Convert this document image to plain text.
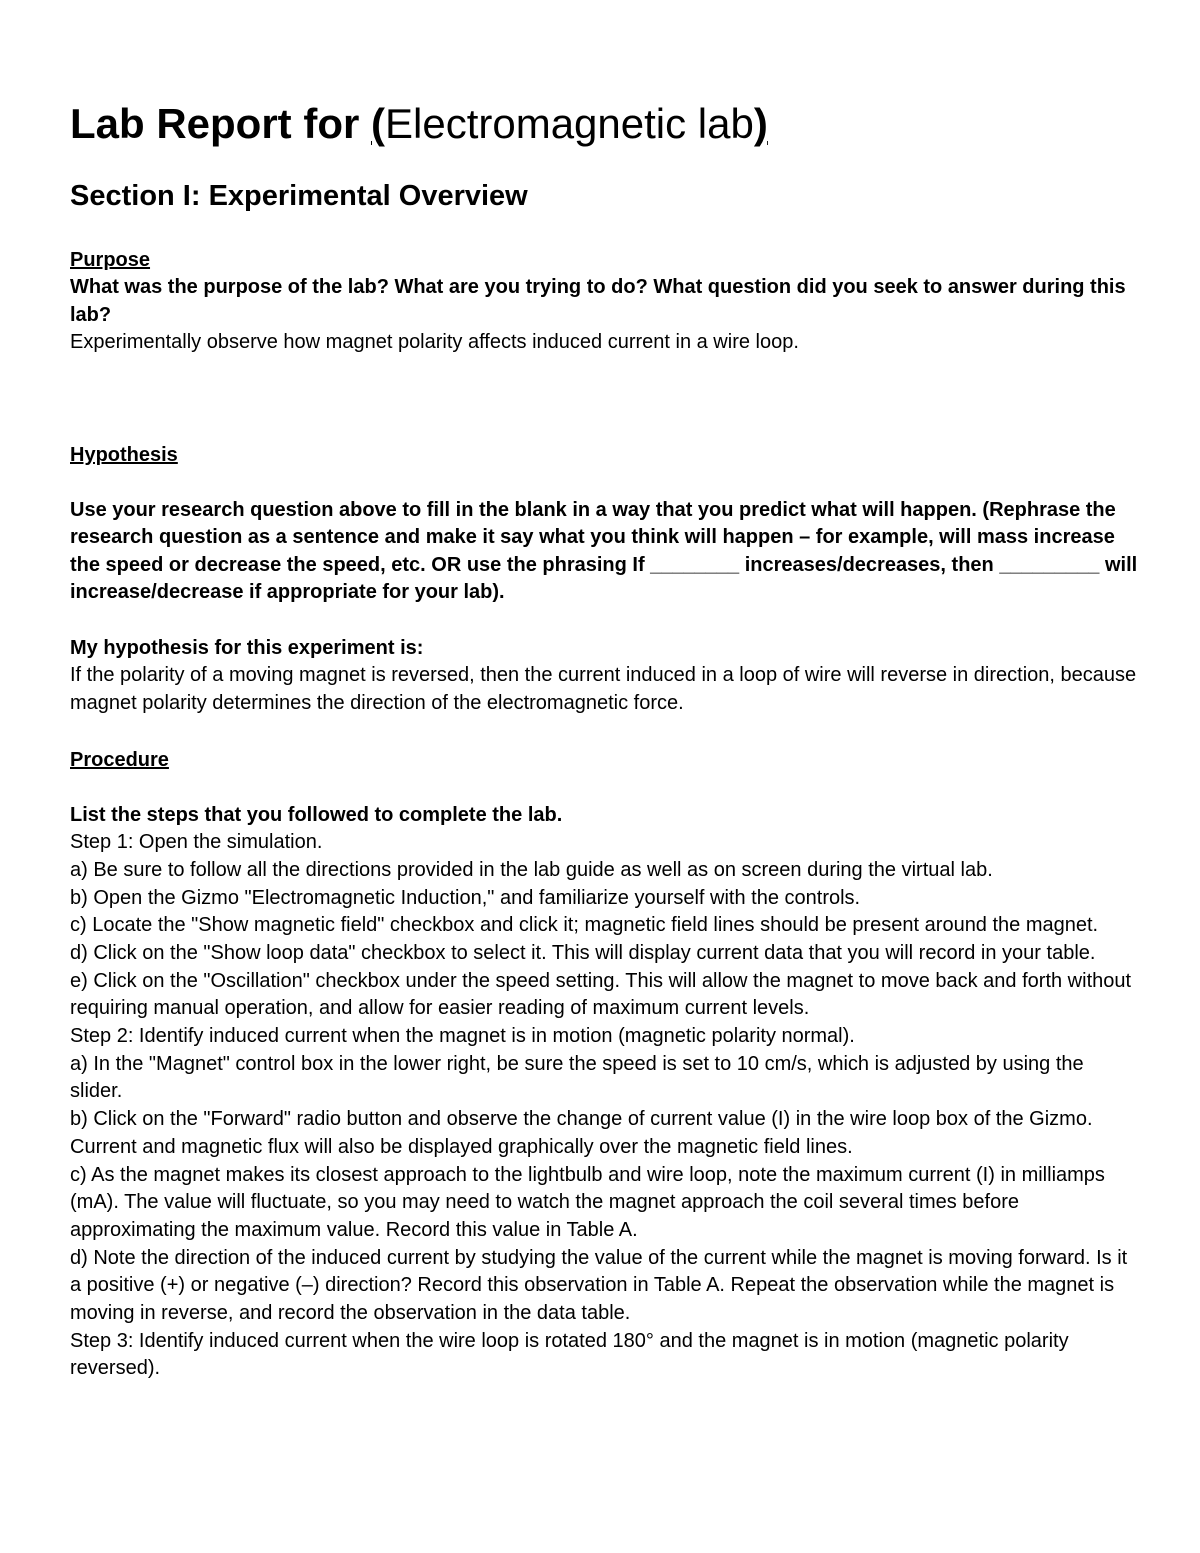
Lab Report for (Electromagnetic lab)
Section I: Experimental Overview
Purpose
What was the purpose of the lab? What are you trying to do? What question did you seek to answer during this lab?
Experimentally observe how magnet polarity affects induced current in a wire loop.
Hypothesis
Use your research question above to fill in the blank in a way that you predict what will happen. (Rephrase the research question as a sentence and make it say what you think will happen – for example, will mass increase the speed or decrease the speed, etc. OR use the phrasing If ________ increases/decreases, then _________ will increase/decrease if appropriate for your lab).
My hypothesis for this experiment is:
If the polarity of a moving magnet is reversed, then the current induced in a loop of wire will reverse in direction, because magnet polarity determines the direction of the electromagnetic force.
Procedure
List the steps that you followed to complete the lab.
Step 1: Open the simulation.
a) Be sure to follow all the directions provided in the lab guide as well as on screen during the virtual lab.
b) Open the Gizmo "Electromagnetic Induction," and familiarize yourself with the controls.
c) Locate the "Show magnetic field" checkbox and click it; magnetic field lines should be present around the magnet.
d) Click on the "Show loop data" checkbox to select it. This will display current data that you will record in your table.
e) Click on the "Oscillation" checkbox under the speed setting. This will allow the magnet to move back and forth without requiring manual operation, and allow for easier reading of maximum current levels.
Step 2: Identify induced current when the magnet is in motion (magnetic polarity normal).
a) In the "Magnet" control box in the lower right, be sure the speed is set to 10 cm/s, which is adjusted by using the slider.
b) Click on the "Forward" radio button and observe the change of current value (I) in the wire loop box of the Gizmo. Current and magnetic flux will also be displayed graphically over the magnetic field lines.
c) As the magnet makes its closest approach to the lightbulb and wire loop, note the maximum current (I) in milliamps (mA). The value will fluctuate, so you may need to watch the magnet approach the coil several times before approximating the maximum value. Record this value in Table A.
d) Note the direction of the induced current by studying the value of the current while the magnet is moving forward. Is it a positive (+) or negative (–) direction? Record this observation in Table A. Repeat the observation while the magnet is moving in reverse, and record the observation in the data table.
Step 3: Identify induced current when the wire loop is rotated 180° and the magnet is in motion (magnetic polarity reversed).
